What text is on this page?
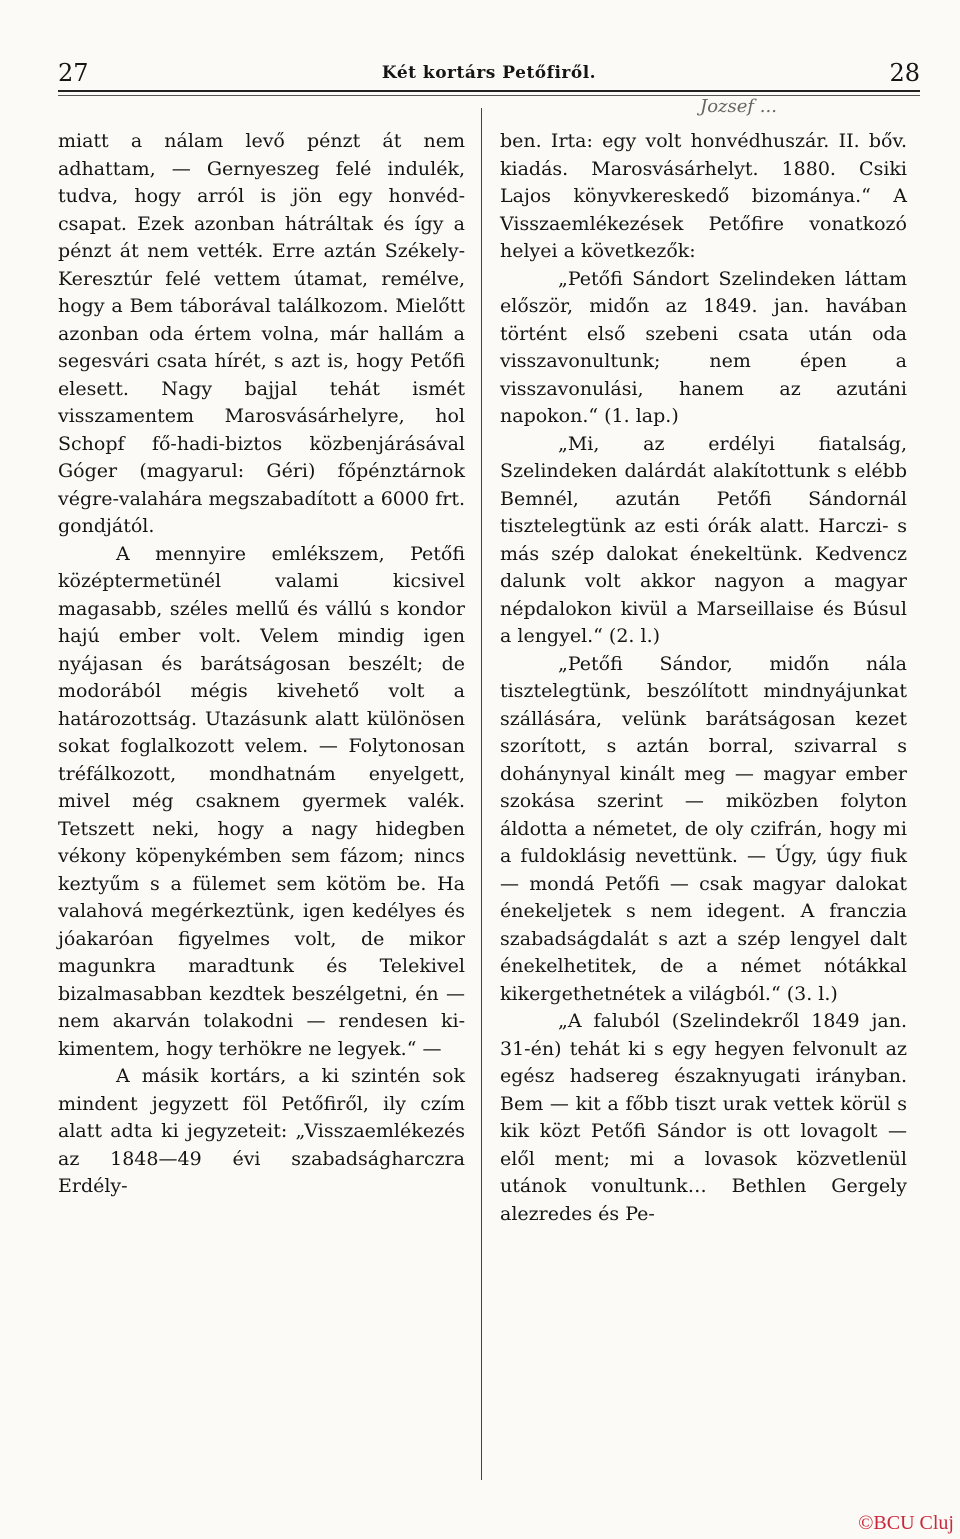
27	Két kortárs Petőfiről.	28
Jozsef ...

miatt a nálam levő pénzt át nem adhattam, — Gernyeszeg felé indulék, tudva, hogy arról is jön egy honvéd-csapat. Ezek azonban hátráltak és így a pénzt át nem vették. Erre aztán Székely-Keresztúr felé vettem útamat, remélve, hogy a Bem táborával találkozom. Mielőtt azonban oda értem volna, már hallám a segesvári csata hírét, s azt is, hogy Petőfi elesett. Nagy bajjal tehát ismét visszamentem Marosvásárhelyre, hol Schopf fő-hadi-biztos közbenjárásával Góger (magyarul: Géri) főpénztárnok végre-valahára megszabadított a 6000 frt. gondjától.

A mennyire emlékszem, Petőfi középtermetünél valami kicsivel magasabb, széles mellű és vállú s kondor hajú ember volt. Velem mindig igen nyájasan és barátságosan beszélt; de modorából mégis kivehető volt a határozottság. Utazásunk alatt különösen sokat foglalkozott velem. — Folytonosan tréfálkozott, mondhatnám enyelgett, mivel még csaknem gyermek valék. Tetszett neki, hogy a nagy hidegben vékony köpenykémben sem fázom; nincs keztyűm s a fülemet sem kötöm be. Ha valahová megérkeztünk, igen kedélyes és jóakaróan figyelmes volt, de mikor magunkra maradtunk és Telekivel bizalmasabban kezdtek beszélgetni, én — nem akarván tolakodni — rendesen ki-kimentem, hogy terhökre ne legyek.“ —

A másik kortárs, a ki szintén sok mindent jegyzett föl Petőfiről, ily czím alatt adta ki jegyzeteit: „Visszaemlékezés az 1848—49 évi szabadságharczra Erdély-

ben. Irta: egy volt honvédhuszár. II. bőv. kiadás. Marosvásárhelyt. 1880. Csiki Lajos könyvkereskedő bizománya.“ A Visszaemlékezések Petőfire vonatkozó helyei a következők:

„Petőfi Sándort Szelindeken láttam először, midőn az 1849. jan. havában történt első szebeni csata után oda visszavonultunk; nem épen a visszavonulási, hanem az azutáni napokon.“ (1. lap.)

„Mi, az erdélyi fiatalság, Szelindeken dalárdát alakítottunk s elébb Bemnél, azután Petőfi Sándornál tisztelegtünk az esti órák alatt. Harczi- s más szép dalokat énekeltünk. Kedvencz dalunk volt akkor nagyon a magyar népdalokon kivül a Marseillaise és Búsul a lengyel.“ (2. l.)

„Petőfi Sándor, midőn nála tisztelegtünk, beszólított mindnyájunkat szállására, velünk barátságosan kezet szorított, s aztán borral, szivarral s dohánynyal kinált meg — magyar ember szokása szerint — miközben folyton áldotta a németet, de oly czifrán, hogy mi a fuldoklásig nevettünk. — Úgy, úgy fiuk — mondá Petőfi — csak magyar dalokat énekeljetek s nem idegent. A franczia szabadságdalát s azt a szép lengyel dalt énekelhetitek, de a német nótákkal kikergethetnétek a világból.“ (3. l.)

„A faluból (Szelindekről 1849 jan. 31-én) tehát ki s egy hegyen felvonult az egész hadsereg északnyugati irányban. Bem — kit a főbb tiszt urak vettek körül s kik közt Petőfi Sándor is ott lovagolt — elől ment; mi a lovasok közvetlenül utánok vonultunk… Bethlen Gergely alezredes és Pe-

©BCU Cluj
